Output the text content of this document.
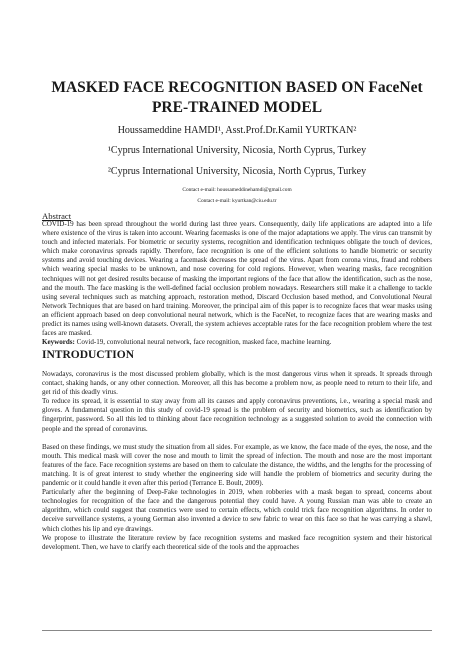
MASKED FACE RECOGNITION BASED ON FaceNet
PRE-TRAINED MODEL
Houssameddine HAMDI¹, Asst.Prof.Dr.Kamil YURTKAN²
¹Cyprus International University, Nicosia, North Cyprus, Turkey
²Cyprus International University, Nicosia, North Cyprus, Turkey
Contact e-mail: houssameddinehamdi@gmail.com
Contact e-mail: kyurtkan@ciu.edu.tr
Abstract

COVID-19 has been spread throughout the world during last three years. Consequently, daily life applications are adapted into a life where existence of the virus is taken into account. Wearing facemasks is one of the major adaptations we apply. The virus can transmit by touch and infected materials. For biometric or security systems, recognition and identification techniques obligate the touch of devices, which make coronavirus spreads rapidly. Therefore, face recognition is one of the efficient solutions to handle biometric or security systems and avoid touching devices. Wearing a facemask decreases the spread of the virus. Apart from corona virus, fraud and robbers which wearing special masks to be unknown, and nose covering for cold regions. However, when wearing masks, face recognition techniques will not get desired results because of masking the important regions of the face that allow the identification, such as the nose, and the mouth. The face masking is the well-defined facial occlusion problem nowadays. Researchers still make it a challenge to tackle using several techniques such as matching approach, restoration method, Discard Occlusion based method, and Convolutional Neural Network Techniques that are based on hard training. Moreover, the principal aim of this paper is to recognize faces that wear masks using an efficient approach based on deep convolutional neural network, which is the FaceNet, to recognize faces that are wearing masks and predict its names using well-known datasets. Overall, the system achieves acceptable rates for the face recognition problem where the test faces are masked.
Keywords: Covid-19, convolutional neural network, face recognition, masked face, machine learning.

INTRODUCTION

Nowadays, coronavirus is the most discussed problem globally, which is the most dangerous virus when it spreads. It spreads through contact, shaking hands, or any other connection. Moreover, all this has become a problem now, as people need to return to their life, and get rid of this deadly virus.

To reduce its spread, it is essential to stay away from all its causes and apply coronavirus preventions, i.e., wearing a special mask and gloves. A fundamental question in this study of covid-19 spread is the problem of security and biometrics, such as identification by fingerprint, password. So all this led to thinking about face recognition technology as a suggested solution to avoid the connection with people and the spread of coronavirus.

Based on these findings, we must study the situation from all sides. For example, as we know, the face made of the eyes, the nose, and the mouth. This medical mask will cover the nose and mouth to limit the spread of infection. The mouth and nose are the most important features of the face. Face recognition systems are based on them to calculate the distance, the widths, and the lengths for the processing of matching. It is of great interest to study whether the engineering side will handle the problem of biometrics and security during the pandemic or it could handle it even after this period (Terrance E. Boult, 2009).

Particularly after the beginning of Deep-Fake technologies in 2019, when robberies with a mask began to spread, concerns about technologies for recognition of the face and the dangerous potential they could have. A young Russian man was able to create an algorithm, which could suggest that cosmetics were used to certain effects, which could trick face recognition algorithms. In order to deceive surveillance systems, a young German also invented a device to sew fabric to wear on this face so that he was carrying a shawl, which clothes his lip and eye drawings.

We propose to illustrate the literature review by face recognition systems and masked face recognition system and their historical development. Then, we have to clarify each theoretical side of the tools and the approaches
